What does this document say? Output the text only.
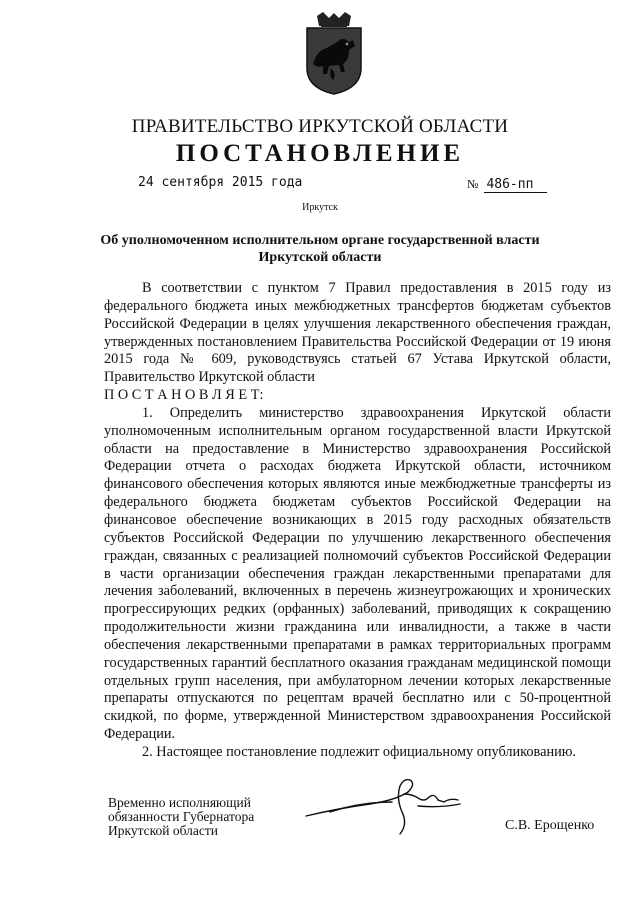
ПРАВИТЕЛЬСТВО ИРКУТСКОЙ ОБЛАСТИ
ПОСТАНОВЛЕНИЕ
24 сентября 2015 года	№ 486-пп
Иркутск
Об уполномоченном исполнительном органе государственной власти
Иркутской области

В соответствии с пунктом 7 Правил предоставления в 2015 году из федерального бюджета иных межбюджетных трансфертов бюджетам субъектов Российской Федерации в целях улучшения лекарственного обеспечения граждан, утвержденных постановлением Правительства Российской Федерации от 19 июня 2015 года № 609, руководствуясь статьей 67 Устава Иркутской области, Правительство Иркутской области

П О С Т А Н О В Л Я Е Т:

1. Определить министерство здравоохранения Иркутской области уполномоченным исполнительным органом государственной власти Иркутской области на предоставление в Министерство здравоохранения Российской Федерации отчета о расходах бюджета Иркутской области, источником финансового обеспечения которых являются иные межбюджетные трансферты из федерального бюджета бюджетам субъектов Российской Федерации на финансовое обеспечение возникающих в 2015 году расходных обязательств субъектов Российской Федерации по улучшению лекарственного обеспечения граждан, связанных с реализацией полномочий субъектов Российской Федерации в части организации обеспечения граждан лекарственными препаратами для лечения заболеваний, включенных в перечень жизнеугрожающих и хронических прогрессирующих редких (орфанных) заболеваний, приводящих к сокращению продолжительности жизни гражданина или инвалидности, а также в части обеспечения лекарственными препаратами в рамках территориальных программ государственных гарантий бесплатного оказания гражданам медицинской помощи отдельных групп населения, при амбулаторном лечении которых лекарственные препараты отпускаются по рецептам врачей бесплатно или с 50-процентной скидкой, по форме, утвержденной Министерством здравоохранения Российской Федерации.

2. Настоящее постановление подлежит официальному опубликованию.

Временно исполняющий
обязанности Губернатора
Иркутской области	С.В. Ерощенко
